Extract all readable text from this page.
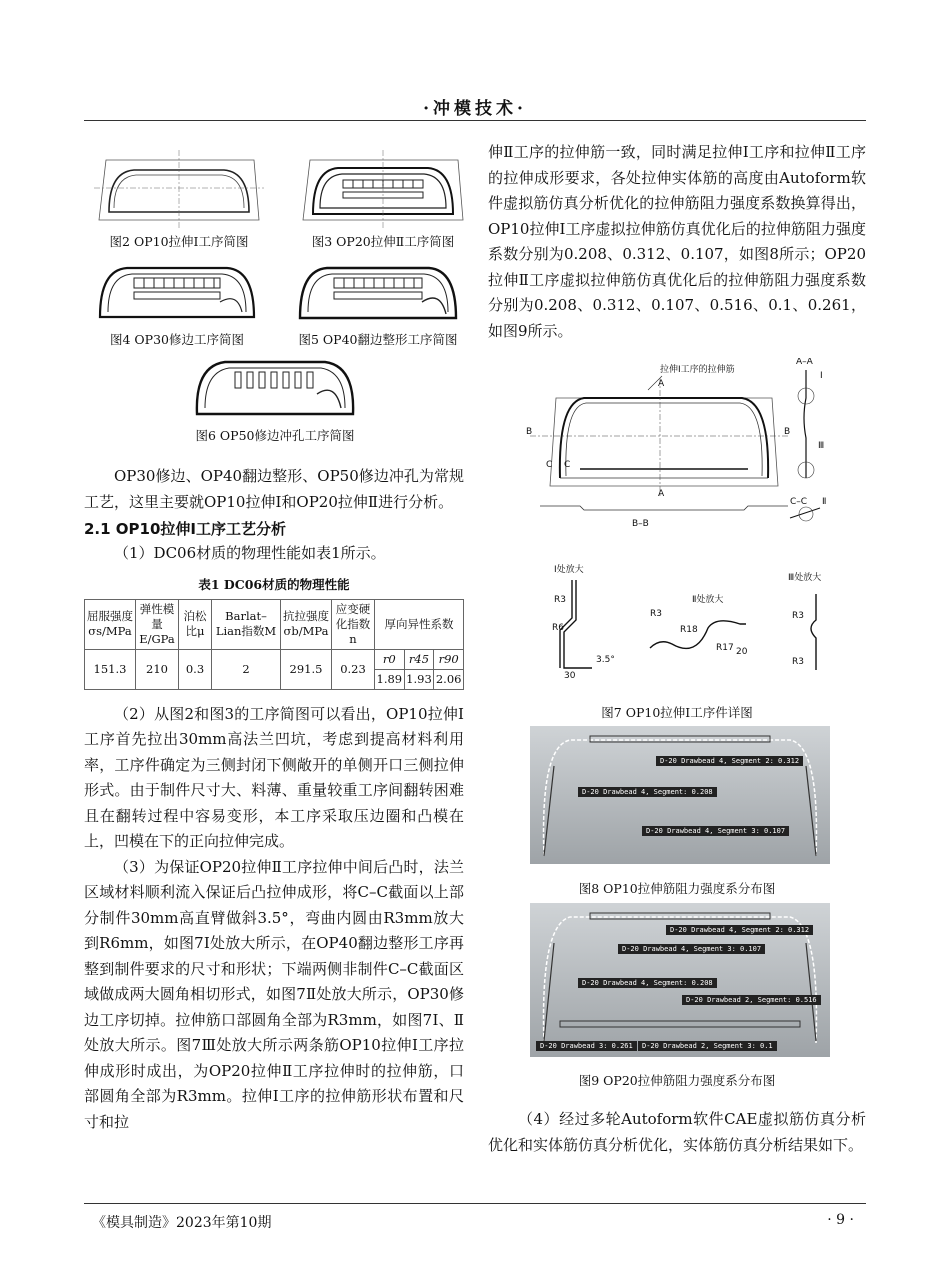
·冲模技术·
图2 OP10拉伸Ⅰ工序简图	图3 OP20拉伸Ⅱ工序简图
图4 OP30修边工序简图	图5 OP40翻边整形工序简图
图6 OP50修边冲孔工序简图

OP30修边、OP40翻边整形、OP50修边冲孔为常规工艺，这里主要就OP10拉伸Ⅰ和OP20拉伸Ⅱ进行分析。

2.1 OP10拉伸Ⅰ工序工艺分析

（1）DC06材质的物理性能如表1所示。

表1 DC06材质的物理性能
屈服强度σs/MPa	弹性模量E/GPa	泊松比μ	Barlat–Lian指数M	抗拉强度σb/MPa	应变硬化指数n	厚向异性系数		

151.3	210	0.3	2	291.5	0.23	r0	r45	r90
						1.89	1.93	2.06

（2）从图2和图3的工序简图可以看出，OP10拉伸Ⅰ工序首先拉出30mm高法兰凹坑，考虑到提高材料利用率，工序件确定为三侧封闭下侧敞开的单侧开口三侧拉伸形式。由于制件尺寸大、料薄、重量较重工序间翻转困难且在翻转过程中容易变形，本工序采取压边圈和凸模在上，凹模在下的正向拉伸完成。

（3）为保证OP20拉伸Ⅱ工序拉伸中间后凸时，法兰区域材料顺利流入保证后凸拉伸成形，将C–C截面以上部分制件30mm高直臂做斜3.5°，弯曲内圆由R3mm放大到R6mm，如图7Ⅰ处放大所示，在OP40翻边整形工序再整到制件要求的尺寸和形状；下端两侧非制件C–C截面区域做成两大圆角相切形式，如图7Ⅱ处放大所示，OP30修边工序切掉。拉伸筋口部圆角全部为R3mm，如图7Ⅰ、Ⅱ处放大所示。图7Ⅲ处放大所示两条筋OP10拉伸Ⅰ工序拉伸成形时成出，为OP20拉伸Ⅱ工序拉伸时的拉伸筋，口部圆角全部为R3mm。拉伸Ⅰ工序的拉伸筋形状布置和尺寸和拉

伸Ⅱ工序的拉伸筋一致，同时满足拉伸Ⅰ工序和拉伸Ⅱ工序的拉伸成形要求，各处拉伸实体筋的高度由Autoform软件虚拟筋仿真分析优化的拉伸筋阻力强度系数换算得出，OP10拉伸Ⅰ工序虚拟拉伸筋仿真优化后的拉伸筋阻力强度系数分别为0.208、0.312、0.107，如图8所示；OP20拉伸Ⅱ工序虚拟拉伸筋仿真优化后的拉伸筋阻力强度系数分别为0.208、0.312、0.107、0.516、0.1、0.261，如图9所示。

拉伸Ⅰ工序的拉伸筋
A
A
B	B
C C
B–B
A–A
Ⅰ
Ⅲ
C–C Ⅱ
Ⅰ处放大
R3
R6
3.5°
30
Ⅱ处放大
R3
R18
R17 20
Ⅲ处放大
R3
R3
图7 OP10拉伸Ⅰ工序件详图
D-20 Drawbead 4, Segment 2: 0.312
D-20 Drawbead 4, Segment: 0.208
D-20 Drawbead 4, Segment 3: 0.107
图8 OP10拉伸筋阻力强度系分布图
D-20 Drawbead 4, Segment 2: 0.312
D-20 Drawbead 4, Segment 3: 0.107
D-20 Drawbead 4, Segment: 0.208
D-20 Drawbead 2, Segment: 0.516
D-20 Drawbead 3: 0.261	D-20 Drawbead 2, Segment 3: 0.1
图9 OP20拉伸筋阻力强度系分布图

（4）经过多轮Autoform软件CAE虚拟筋仿真分析优化和实体筋仿真分析优化，实体筋仿真分析结果如下。

《模具制造》2023年第10期	· 9 ·
